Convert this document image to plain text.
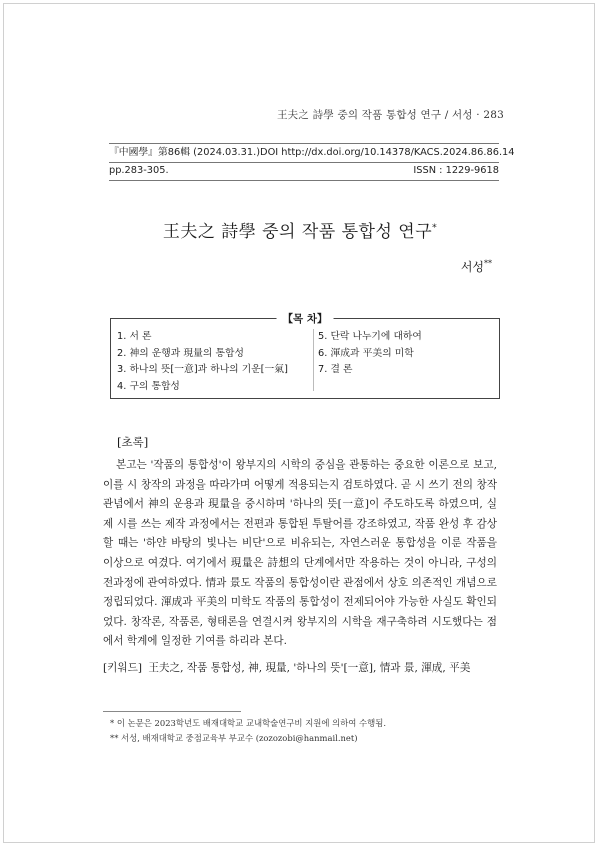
王夫之 詩學 중의 작품 통합성 연구 / 서성 · 283
『中國學』第86輯 (2024.03.31.) DOI http://dx.doi.org/10.14378/KACS.2024.86.86.14
pp.283-305.	ISSN : 1229-9618
王夫之 詩學 중의 작품 통합성 연구*
서성**
【목 차】
1. 서 론
2. 神의 운행과 現量의 통합성
3. 하나의 뜻[一意]과 하나의 기운[一氣]
4. 구의 통합성
5. 단락 나누기에 대하여
6. 渾成과 平美의 미학
7. 결 론
[초록]
본고는 '작품의 통합성'이 왕부지의 시학의 중심을 관통하는 중요한 이론으로 보고, 이를 시 창작의 과정을 따라가며 어떻게 적용되는지 검토하였다. 곧 시 쓰기 전의 창작 관념에서 神의 운용과 現量을 중시하며 '하나의 뜻[一意]이 주도하도록 하였으며, 실제 시를 쓰는 제작 과정에서는 전편과 통합된 투탈어를 강조하였고, 작품 완성 후 감상할 때는 '하얀 바탕의 빛나는 비단'으로 비유되는, 자연스러운 통합성을 이룬 작품을 이상으로 여겼다. 여기에서 現量은 詩想의 단계에서만 작용하는 것이 아니라, 구성의 전과정에 관여하였다. 情과 景도 작품의 통합성이란 관점에서 상호 의존적인 개념으로 정립되었다. 渾成과 平美의 미학도 작품의 통합성이 전제되어야 가능한 사실도 확인되었다. 창작론, 작품론, 형태론을 연결시켜 왕부지의 시학을 재구축하려 시도했다는 점에서 학계에 일정한 기여를 하리라 본다.
[키워드] 王夫之, 작품 통합성, 神, 現量, '하나의 뜻'[一意], 情과 景, 渾成, 平美
* 이 논문은 2023학년도 배재대학교 교내학술연구비 지원에 의하여 수행됨.
** 서성, 배재대학교 중점교육부 부교수 (zozozobi@hanmail.net)
